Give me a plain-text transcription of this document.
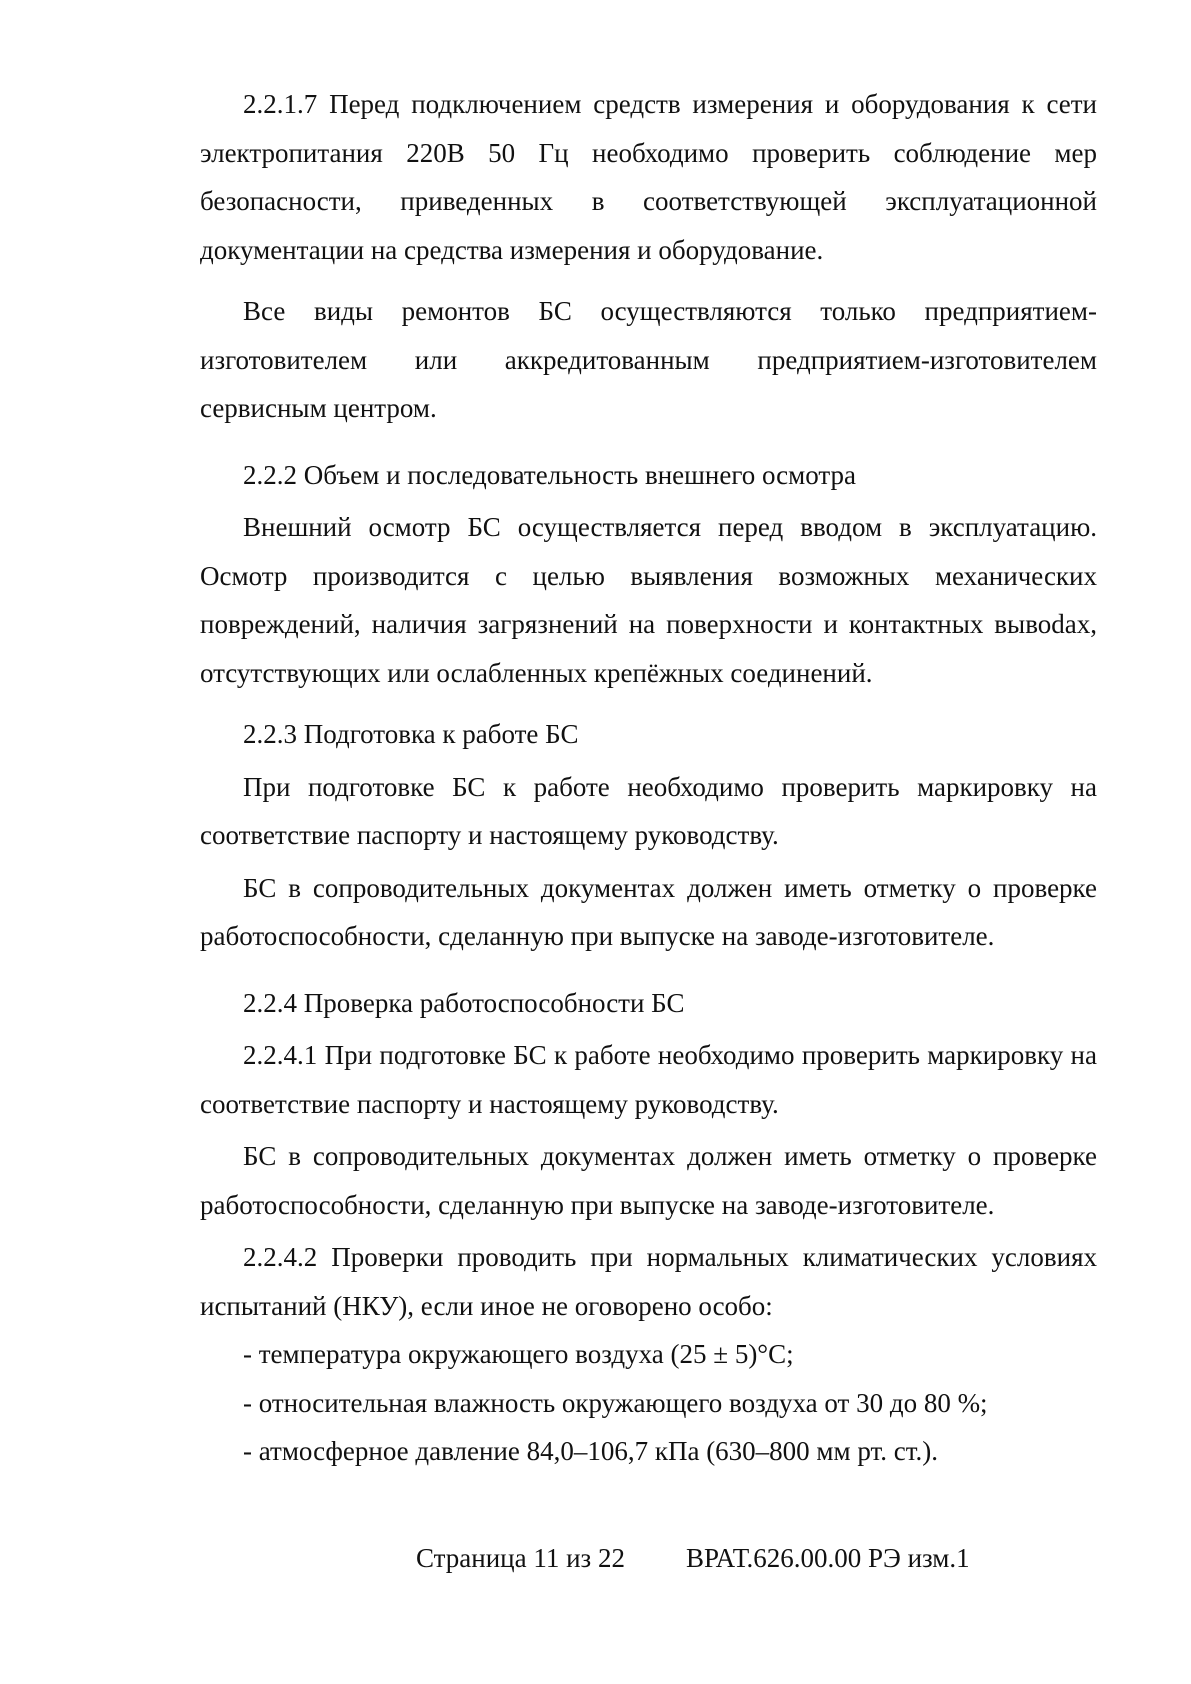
2.2.1.7 Перед подключением средств измерения и оборудования к сети электропитания 220В 50 Гц необходимо проверить соблюдение мер безопасности, приведенных в соответствующей эксплуатационной документации на средства измерения и оборудование.

Все виды ремонтов БС осуществляются только предприятием-изготовителем или аккредитованным предприятием-изготовителем сервисным центром.

2.2.2 Объем и последовательность внешнего осмотра

Внешний осмотр БС осуществляется перед вводом в эксплуатацию. Осмотр производится с целью выявления возможных механических повреждений, наличия загрязнений на поверхности и контактных вывоdах, отсутствующих или ослабленных крепёжных соединений.

2.2.3 Подготовка к работе БС

При подготовке БС к работе необходимо проверить маркировку на соответствие паспорту и настоящему руководству.

БС в сопроводительных документах должен иметь отметку о проверке работоспособности, сделанную при выпуске на заводе-изготовителе.

2.2.4 Проверка работоспособности БС

2.2.4.1 При подготовке БС к работе необходимо проверить маркировку на соответствие паспорту и настоящему руководству.

БС в сопроводительных документах должен иметь отметку о проверке работоспособности, сделанную при выпуске на заводе-изготовителе.

2.2.4.2 Проверки проводить при нормальных климатических условиях испытаний (НКУ), если иное не оговорено особо:

- температура окружающего воздуха (25 ± 5)°С;

- относительная влажность окружающего воздуха от 30 до 80 %;

- атмосферное давление 84,0–106,7 кПа (630–800 мм рт. ст.).

Страница 11 из 22 ВРАТ.626.00.00 РЭ изм.1
